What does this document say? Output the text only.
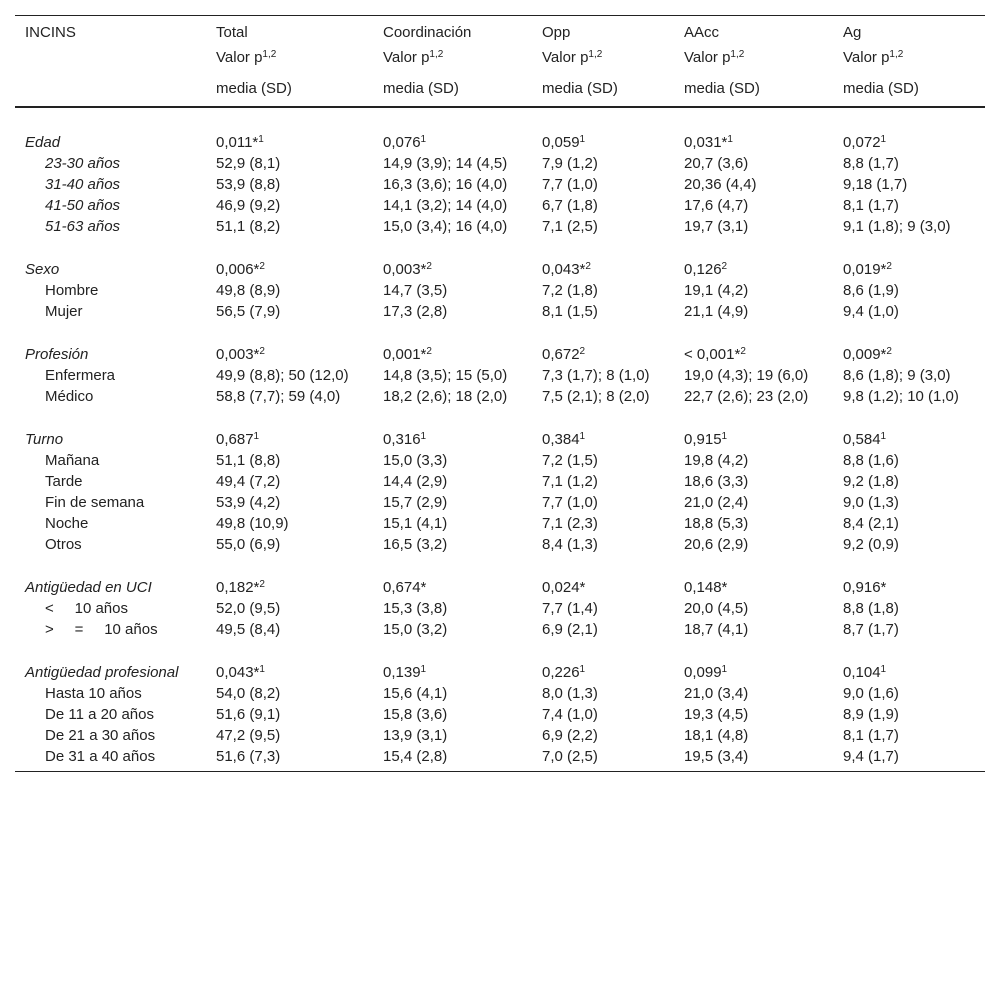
INCINS	Total	Coordinación	Opp	AAcc	Ag
	Valor $p^{1,2}$	Valor $p^{1,2}$	Valor $p^{1,2}$	Valor $p^{1,2}$	Valor $p^{1,2}$
	media (SD)	media (SD)	media (SD)	media (SD)	media (SD)

Edad	0,011*$^1$	0,076$^1$	0,059$^1$	0,031*$^1$	0,072$^1$
23-30 años	52,9 (8,1)	14,9 (3,9); 14 (4,5)	7,9 (1,2)	20,7 (3,6)	8,8 (1,7)
31-40 años	53,9 (8,8)	16,3 (3,6); 16 (4,0)	7,7 (1,0)	20,36 (4,4)	9,18 (1,7)
41-50 años	46,9 (9,2)	14,1 (3,2); 14 (4,0)	6,7 (1,8)	17,6 (4,7)	8,1 (1,7)
51-63 años	51,1 (8,2)	15,0 (3,4); 16 (4,0)	7,1 (2,5)	19,7 (3,1)	9,1 (1,8); 9 (3,0)

Sexo	0,006*$^2$	0,003*$^2$	0,043*$^2$	0,126$^2$	0,019*$^2$
Hombre	49,8 (8,9)	14,7 (3,5)	7,2 (1,8)	19,1 (4,2)	8,6 (1,9)
Mujer	56,5 (7,9)	17,3 (2,8)	8,1 (1,5)	21,1 (4,9)	9,4 (1,0)

Profesión	0,003*$^2$	0,001*$^2$	$0,672^2$	< 0,001*$^2$	0,009*$^2$
Enfermera	49,9 (8,8); 50 (12,0)	14,8 (3,5); 15 (5,0)	7,3 (1,7); 8 (1,0)	19,0 (4,3); 19 (6,0)	8,6 (1,8); 9 (3,0)
Médico	58,8 (7,7); 59 (4,0)	18,2 (2,6); 18 (2,0)	7,5 (2,1); 8 (2,0)	22,7 (2,6); 23 (2,0)	9,8 (1,2); 10 (1,0)

Turno	0,687$^1$	0,316$^1$	0,384$^1$	0,915$^1$	0,584$^1$
Mañana	51,1 (8,8)	15,0 (3,3)	7,2 (1,5)	19,8 (4,2)	8,8 (1,6)
Tarde	49,4 (7,2)	14,4 (2,9)	7,1 (1,2)	18,6 (3,3)	9,2 (1,8)
Fin de semana	53,9 (4,2)	15,7 (2,9)	7,7 (1,0)	21,0 (2,4)	9,0 (1,3)
Noche	49,8 (10,9)	15,1 (4,1)	7,1 (2,3)	18,8 (5,3)	8,4 (2,1)
Otros	55,0 (6,9)	16,5 (3,2)	8,4 (1,3)	20,6 (2,9)	9,2 (0,9)

Antigüedad en UCI	0,182*$^2$	0,674*	0,024*	0,148*	0,916*
<     10 años	52,0 (9,5)	15,3 (3,8)	7,7 (1,4)	20,0 (4,5)	8,8 (1,8)
>     =     10 años	49,5 (8,4)	15,0 (3,2)	6,9 (2,1)	18,7 (4,1)	8,7 (1,7)

Antigüedad profesional	0,043*$^1$	0,139$^1$	0,226$^1$	0,099$^1$	0,104$^1$
Hasta 10 años	54,0 (8,2)	15,6 (4,1)	8,0 (1,3)	21,0 (3,4)	9,0 (1,6)
De 11 a 20 años	51,6 (9,1)	15,8 (3,6)	7,4 (1,0)	19,3 (4,5)	8,9 (1,9)
De 21 a 30 años	47,2 (9,5)	13,9 (3,1)	6,9 (2,2)	18,1 (4,8)	8,1 (1,7)
De 31 a 40 años	51,6 (7,3)	15,4 (2,8)	7,0 (2,5)	19,5 (3,4)	9,4 (1,7)
